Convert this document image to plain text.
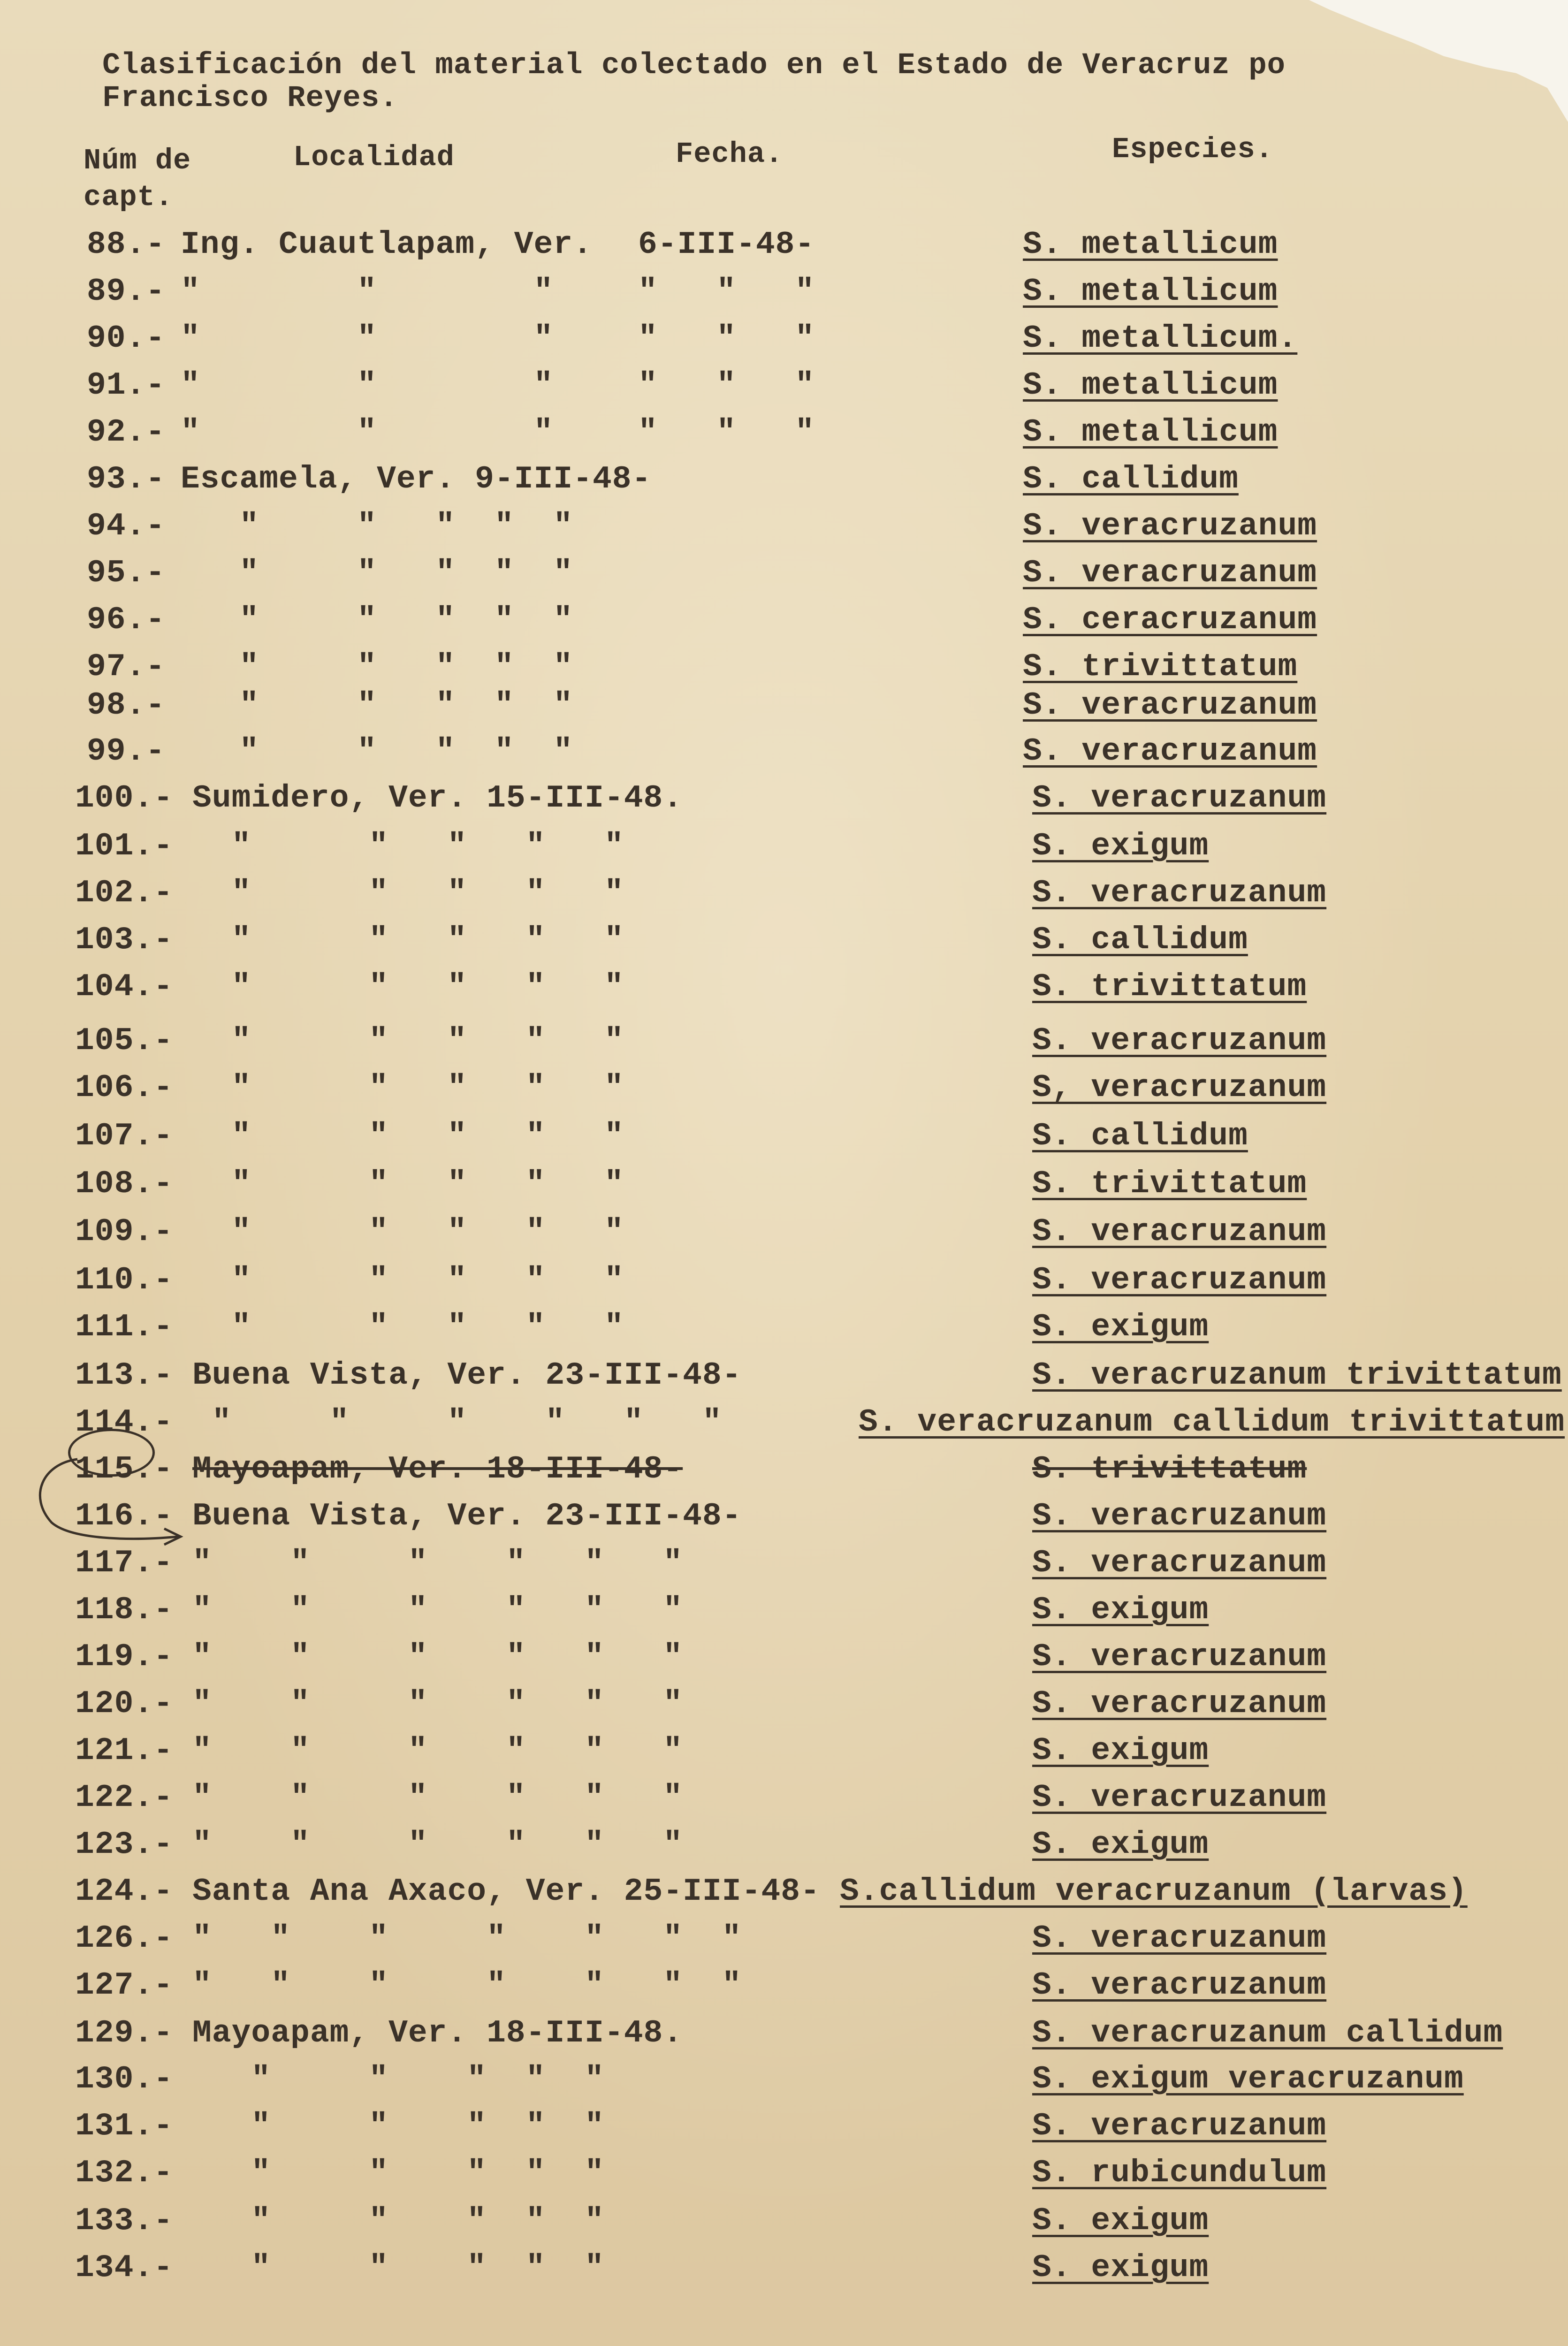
Clasificación del material colectado en el Estado de Veracruz po
Francisco Reyes.
Núm de
capt.
Localidad	Fecha.	Especies.
88.- Ing. Cuautlapam, Ver. 6-III-48-	S. metallicum
89.- "        "        "	"   "   "	S. metallicum
90.- "        "        "	"   "   "	S. metallicum.
91.- "        "        "	"   "   "	S. metallicum
92.- "        "        "	"   "   "	S. metallicum
93.- Escamela, Ver. 9-III-48-	S. callidum
94.- "     "   "  "  "	S. veracruzanum
95.- "     "   "  "  "	S. veracruzanum
96.- "     "   "  "  "	S. ceracruzanum
97.- "     "   "  "  "	S. trivittatum
98.- "     "   "  "  "	S. veracruzanum
99.- "     "   "  "  "	S. veracruzanum
100.- Sumidero, Ver. 15-III-48.	S. veracruzanum
101.- "      "   "   "   "	S. exigum
102.- "      "   "   "   "	S. veracruzanum
103.- "      "   "   "   "	S. callidum
104.- "      "   "   "   "	S. trivittatum
105.- "      "   "   "   "	S. veracruzanum
106.- "      "   "   "   "	S, veracruzanum
107.- "      "   "   "   "	S. callidum
108.- "      "   "   "   "	S. trivittatum
109.- "      "   "   "   "	S. veracruzanum
110.- "      "   "   "   "	S. veracruzanum
111.- "      "   "   "   "	S. exigum
113.- Buena Vista, Ver. 23-III-48-	S. veracruzanum trivittatum
114.- "     "     "    "   "   "	S. veracruzanum callidum trivittatum
115.- Mayoapam, Ver. 18-III-48-	S. trivittatum
116.- Buena Vista, Ver. 23-III-48-	S. veracruzanum
117.- "    "     "    "   "   "	S. veracruzanum
118.- "    "     "    "   "   "	S. exigum
119.- "    "     "    "   "   "	S. veracruzanum
120.- "    "     "    "   "   "	S. veracruzanum
121.- "    "     "    "   "   "	S. exigum
122.- "    "     "    "   "   "	S. veracruzanum
123.- "    "     "    "   "   "	S. exigum
124.- Santa Ana Axaco, Ver. 25-III-48- S.callidum veracruzanum (larvas)
126.- "   "    "     "    "   "  "	S. veracruzanum
127.- "   "    "     "    "   "  "	S. veracruzanum
129.- Mayoapam, Ver. 18-III-48.	S. veracruzanum callidum
130.- "     "    "  "  "	S. exigum veracruzanum
131.- "     "    "  "  "	S. veracruzanum
132.- "     "    "  "  "	S. rubicundulum
133.- "     "    "  "  "	S. exigum
134.- "     "    "  "  "	S. exigum
